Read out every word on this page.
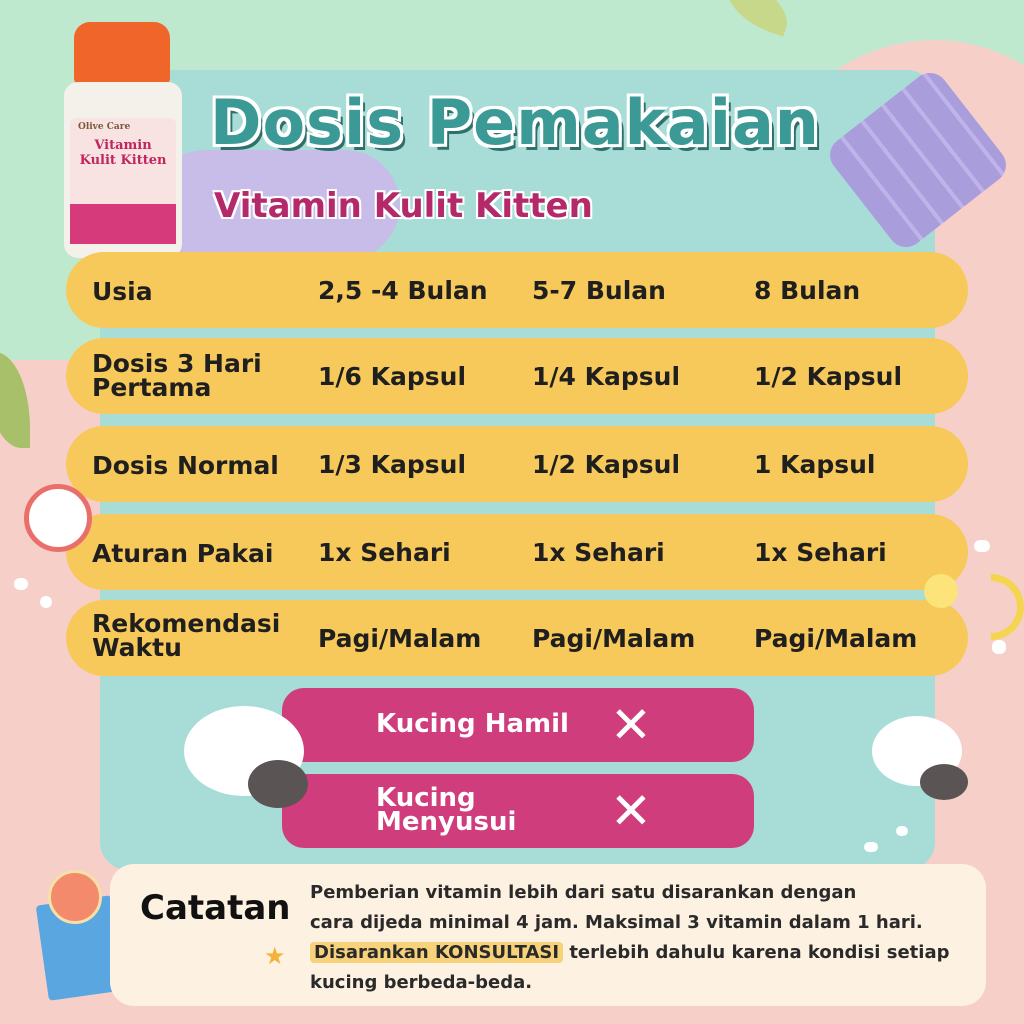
Olive Care
Vitamin
Kulit Kitten
Dosis Pemakaian
Vitamin Kulit Kitten
Usia	2,5 -4 Bulan 5-7 Bulan	8 Bulan
Dosis 3 Hari Pertama	1/6 Kapsul	1/4 Kapsul	1/2 Kapsul
Dosis Normal 1/3 Kapsul	1/2 Kapsul	1 Kapsul
Aturan Pakai 1x Sehari	1x Sehari	1x Sehari
Rekomendasi Waktu	Pagi/Malam Pagi/Malam Pagi/Malam
Kucing Hamil ✕
Kucing Menyusui ✕
Catatan Pemberian vitamin lebih dari satu disarankan dengan
cara dijeda minimal 4 jam. Maksimal 3 vitamin dalam 1 hari.
Disarankan KONSULTASI terlebih dahulu karena kondisi setiap
kucing berbeda-beda.
★
